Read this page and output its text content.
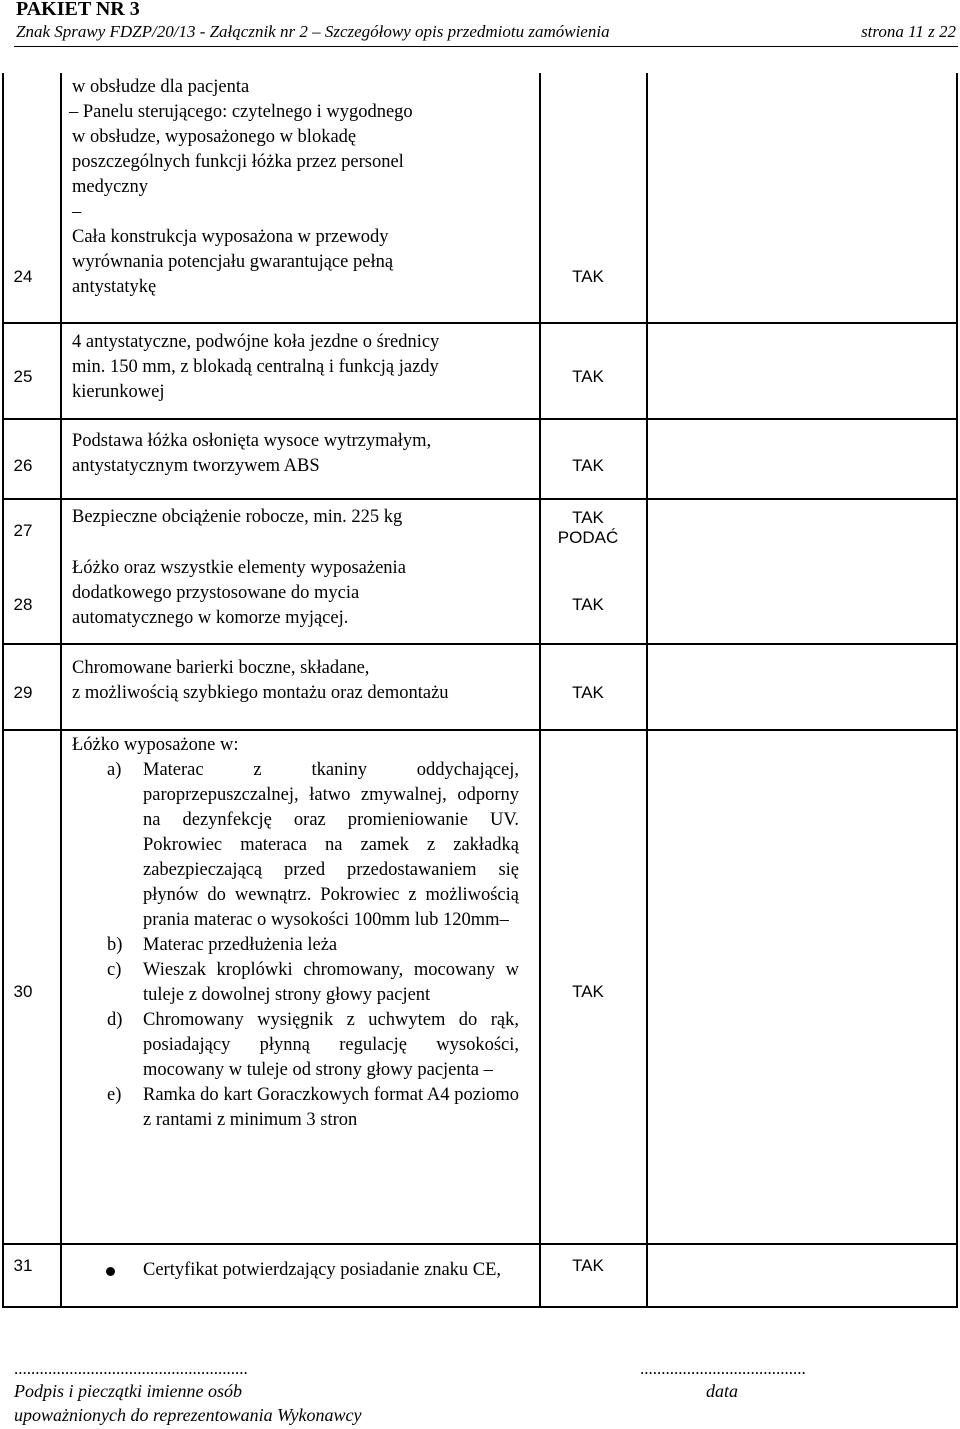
PAKIET NR 3
Znak Sprawy FDZP/20/13 - Załącznik nr 2 – Szczegółowy opis przedmiotu zamówienia	strona 11 z 22
24

w obsłudze dla pacjenta

– Panelu sterującego: czytelnego i wygodnego

w obsłudze, wyposażonego w blokadę

poszczególnych funkcji łóżka przez personel

medyczny

–

Cała konstrukcja wyposażona w przewody

wyrównania potencjału gwarantujące pełną

antystatykę

TAK
25

4 antystatyczne, podwójne koła jezdne o średnicy

min. 150 mm, z blokadą centralną i funkcją jazdy

kierunkowej

TAK
26

Podstawa łóżka osłonięta wysoce wytrzymałym,

antystatycznym tworzywem ABS	TAK
27

Bezpieczne obciążenie robocze, min. 225 kg	TAK
PODAĆ
28

Łóżko oraz wszystkie elementy wyposażenia

dodatkowego przystosowane do mycia

automatycznego w komorze myjącej.

TAK
29

Chromowane barierki boczne, składane,

z możliwością szybkiego montażu oraz demontażu	TAK
30

Łóżko wyposażone w:

a) Materac z tkaniny oddychającej, paroprzepuszczalnej, łatwo zmywalnej, odporny na dezynfekcję oraz promieniowanie UV. Pokrowiec materaca na zamek z zakładką zabezpieczającą przed przedostawaniem się płynów do wewnątrz. Pokrowiec z możliwością prania materac o wysokości 100mm lub 120mm–
b) Materac przedłużenia leża
c) Wieszak kroplówki chromowany, mocowany w tuleje z dowolnej strony głowy pacjent
d) Chromowany wysięgnik z uchwytem do rąk, posiadający płynną regulację wysokości, mocowany w tuleje od strony głowy pacjenta –
e) Ramka do kart Goraczkowych format A4 poziomo z rantami z minimum 3 stron
TAK
31	Certyfikat potwierdzający posiadanie znaku CE,	TAK
.......................................................	.......................................
Podpis i pieczątki imienne osób
upoważnionych do reprezentowania Wykonawcy
data
